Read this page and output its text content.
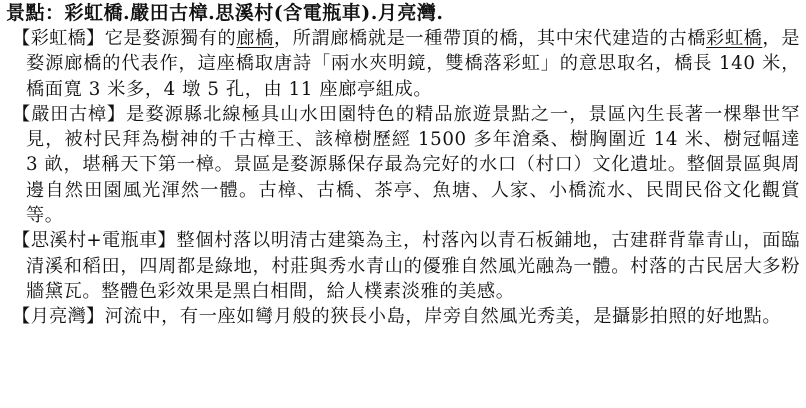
景點：彩虹橋.嚴田古樟.思溪村(含電瓶車).月亮灣.

【彩虹橋】它是婺源獨有的廊橋，所謂廊橋就是一種帶頂的橋，其中宋代建造的古橋彩虹橋，是婺源廊橋的代表作，這座橋取唐詩「兩水夾明鏡，雙橋落彩虹」的意思取名，橋長 140 米，橋面寬 3 米多，4 墩 5 孔，由 11 座廊亭組成。

【嚴田古樟】是婺源縣北線極具山水田園特色的精品旅遊景點之一，景區內生長著一棵舉世罕見，被村民拜為樹神的千古樟王、該樟樹歷經 1500 多年滄桑、樹胸圍近 14 米、樹冠幅達 3 畝，堪稱天下第一樟。景區是婺源縣保存最為完好的水口（村口）文化遺址。整個景區與周邊自然田園風光渾然一體。古樟、古橋、茶亭、魚塘、人家、小橋流水、民間民俗文化觀賞等。

【思溪村+電瓶車】整個村落以明清古建築為主，村落內以青石板鋪地，古建群背靠青山，面臨清溪和稻田，四周都是綠地，村莊與秀水青山的優雅自然風光融為一體。村落的古民居大多粉牆黛瓦。整體色彩效果是黑白相間，給人樸素淡雅的美感。

【月亮灣】河流中，有一座如彎月般的狹長小島，岸旁自然風光秀美，是攝影拍照的好地點。
